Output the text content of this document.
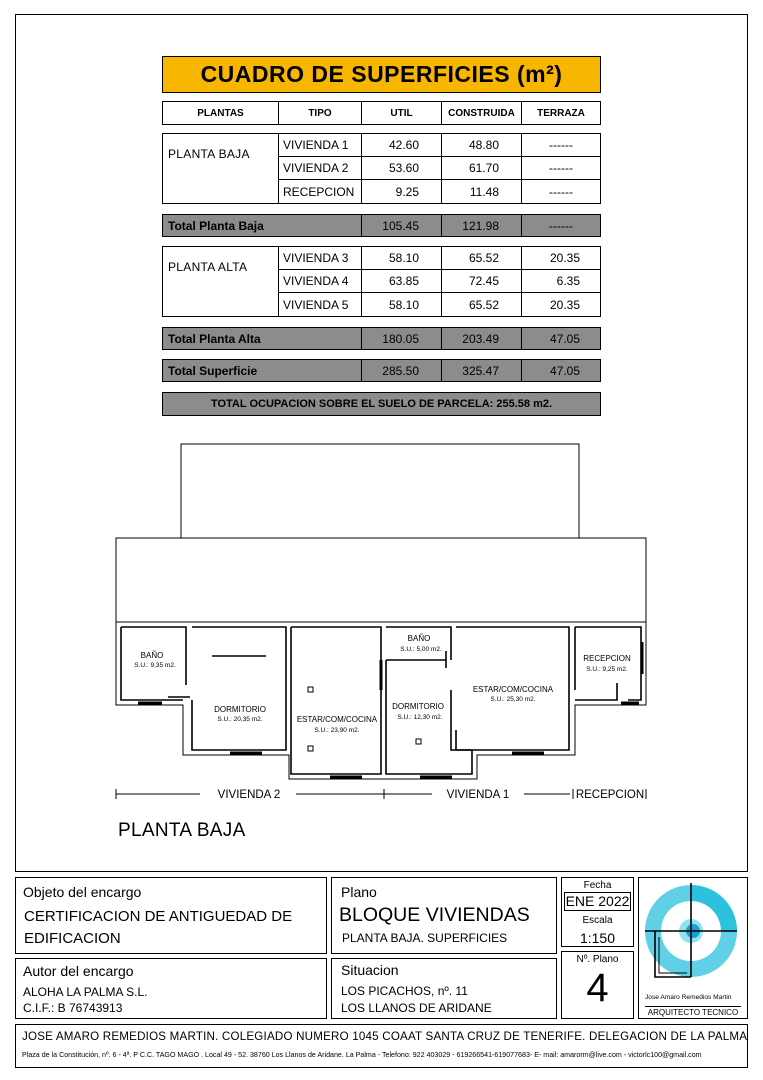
CUADRO DE SUPERFICIES (m²)
PLANTAS	TIPO	UTIL	CONSTRUIDA	TERRAZA
PLANTA BAJA
VIVIENDA 1	42.60	48.80	------
VIVIENDA 2	53.60	61.70	------
RECEPCION	9.25	11.48	------
Total Planta Baja	105.45	121.98	------
PLANTA ALTA
VIVIENDA 3	58.10	65.52	20.35
VIVIENDA 4	63.85	72.45	6.35
VIVIENDA 5	58.10	65.52	20.35
Total Planta Alta	180.05	203.49	47.05
Total Superficie	285.50	325.47	47.05
TOTAL OCUPACION SOBRE EL SUELO DE PARCELA: 255.58 m2.
BAÑO
S.U.: 9,35 m2.
DORMITORIO
S.U.: 20,35 m2.	ESTAR/COM/COCINA
S.U.: 23,90 m2.
BAÑO
S.U.: 5,00 m2.
DORMITORIO
S.U.: 12,30 m2.
ESTAR/COM/COCINA
S.U.: 25,30 m2.
RECEPCION
S.U.: 9,25 m2.
VIVIENDA 2	VIVIENDA 1	RECEPCION
PLANTA BAJA
Objeto del encargo
CERTIFICACION DE ANTIGUEDAD DE
EDIFICACION
Plano
BLOQUE VIVIENDAS
PLANTA BAJA. SUPERFICIES
Fecha
ENE 2022
Escala
1:150
Nº. Plano
4	Jose Amaro Remedios Martin
ARQUITECTO TECNICO
Autor del encargo
ALOHA LA PALMA S.L.
C.I.F.: B 76743913
Situacion
LOS PICACHOS, nº. 11
LOS LLANOS DE ARIDANE
JOSE AMARO REMEDIOS MARTIN. COLEGIADO NUMERO 1045 COAAT SANTA CRUZ DE TENERIFE. DELEGACION DE LA PALMA
Plaza de la Constitución, nº. 6 - 4ª. P C.C. TAGO MAGO . Local 49 - 52. 38760 Los Llanos de Aridane. La Palma - Telefono: 922 403029 - 619266541-619077683- E- mail: amarorm@live.com - victorlc100@gmail.com
